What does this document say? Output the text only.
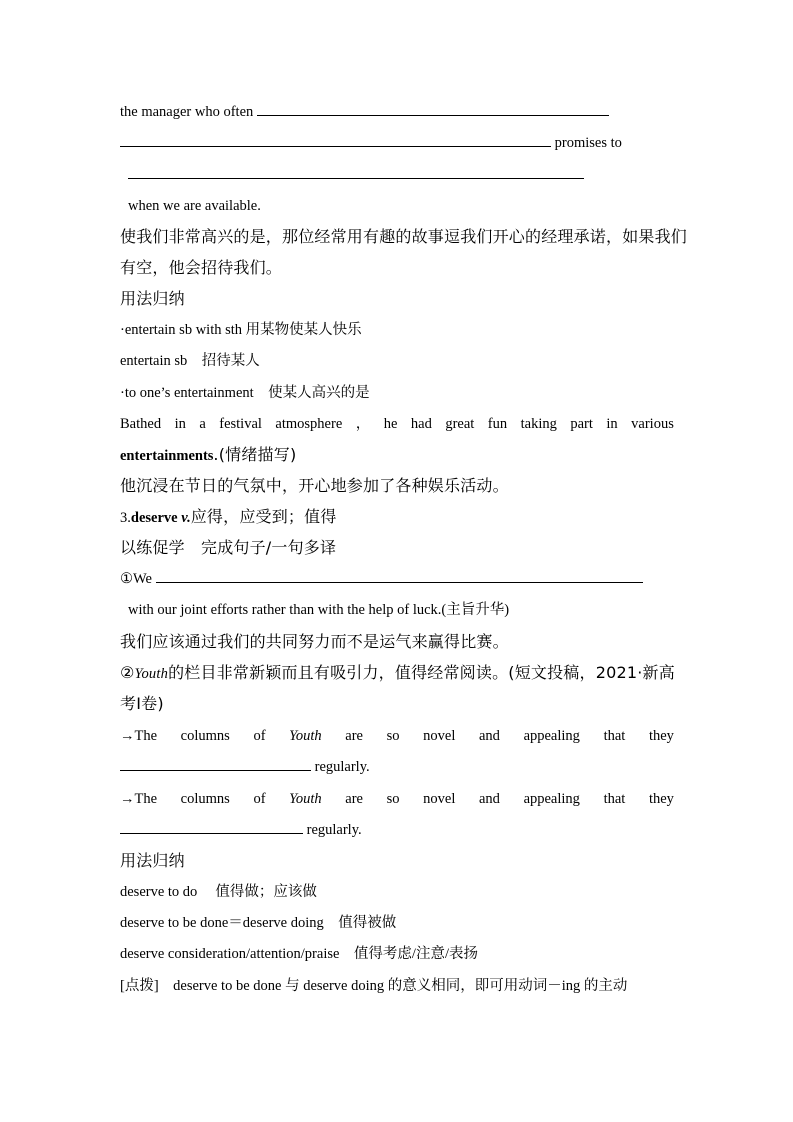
the manager who often
promises to
when we are available.
使我们非常高兴的是，那位经常用有趣的故事逗我们开心的经理承诺，如果我们
有空，他会招待我们。
用法归纳
·entertain sb with sth 用某物使某人快乐
entertain sb　招待某人
·to one’s entertainment　使某人高兴的是
Bathed in a festival atmosphere ， he had great fun taking part in various
entertainments.(情绪描写)
他沉浸在节日的气氛中，开心地参加了各种娱乐活动。
3.deserve v.应得，应受到；值得
以练促学　完成句子/一句多译
①We
with our joint efforts rather than with the help of luck.(主旨升华)
我们应该通过我们的共同努力而不是运气来赢得比赛。
②Youth的栏目非常新颖而且有吸引力，值得经常阅读。(短文投稿，2021·新高
考Ⅰ卷)
→The columns of Youth are so novel and appealing that they
regularly.
→The columns of Youth are so novel and appealing that they
regularly.
用法归纳
deserve to do　 值得做；应该做
deserve to be done＝deserve doing　值得被做
deserve consideration/attention/praise　值得考虑/注意/表扬
[点拨]　deserve to be done 与 deserve doing 的意义相同，即可用动词－ing 的主动
